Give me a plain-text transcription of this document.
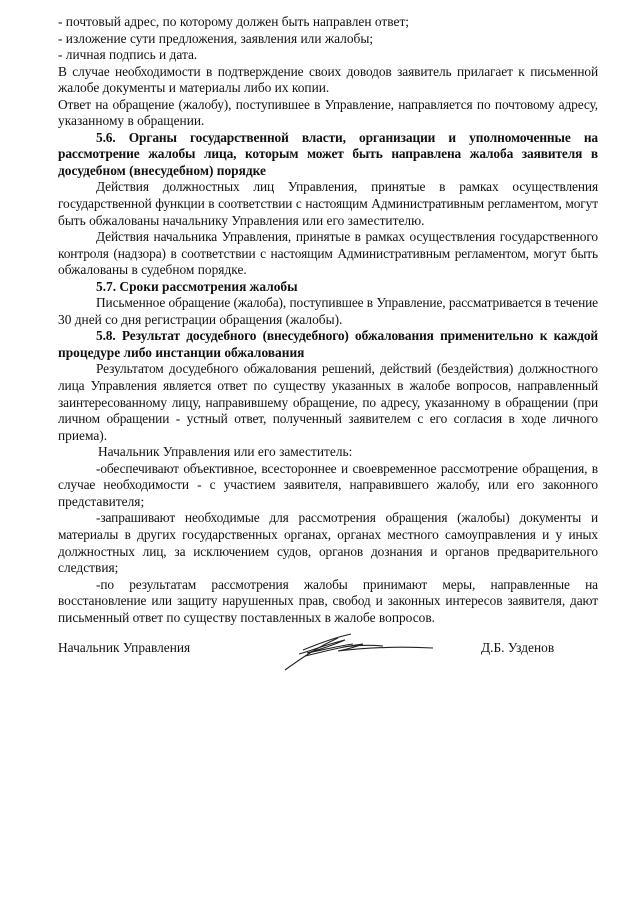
- почтовый адрес, по которому должен быть направлен ответ;
- изложение сути предложения, заявления или жалобы;
- личная подпись и дата.
В случае необходимости в подтверждение своих доводов заявитель прилагает к письменной
жалобе документы и материалы либо их копии.
Ответ на обращение (жалобу), поступившее в Управление, направляется по почтовому адресу,
указанному в обращении.
5.6. Органы государственной власти, организации и уполномоченные на
рассмотрение жалобы лица, которым может быть направлена жалоба заявителя в
досудебном (внесудебном) порядке
Действия должностных лиц Управления, принятые в рамках осуществления
государственной функции в соответствии с настоящим Административным регламентом, могут
быть обжалованы начальнику Управления или его заместителю.
Действия начальника Управления, принятые в рамках осуществления государственного
контроля (надзора) в соответствии с настоящим Административным регламентом, могут быть
обжалованы в судебном порядке.
5.7. Сроки рассмотрения жалобы
Письменное обращение (жалоба), поступившее в Управление, рассматривается в течение
30 дней со дня регистрации обращения (жалобы).
5.8. Результат досудебного (внесудебного) обжалования применительно к каждой
процедуре либо инстанции обжалования
Результатом досудебного обжалования решений, действий (бездействия) должностного
лица Управления является ответ по существу указанных в жалобе вопросов, направленный
заинтересованному лицу, направившему обращение, по адресу, указанному в обращении (при
личном обращении - устный ответ, полученный заявителем с его согласия в ходе личного
приема).
Начальник Управления или его заместитель:
-обеспечивают объективное, всестороннее и своевременное рассмотрение обращения, в
случае необходимости - с участием заявителя, направившего жалобу, или его законного
представителя;
-запрашивают необходимые для рассмотрения обращения (жалобы) документы и
материалы в других государственных органах, органах местного самоуправления и у иных
должностных лиц, за исключением судов, органов дознания и органов предварительного
следствия;
-по результатам рассмотрения жалобы принимают меры, направленные на
восстановление или защиту нарушенных прав, свобод и законных интересов заявителя, дают
письменный ответ по существу поставленных в жалобе вопросов.
Начальник Управления	Д.Б. Узденов
